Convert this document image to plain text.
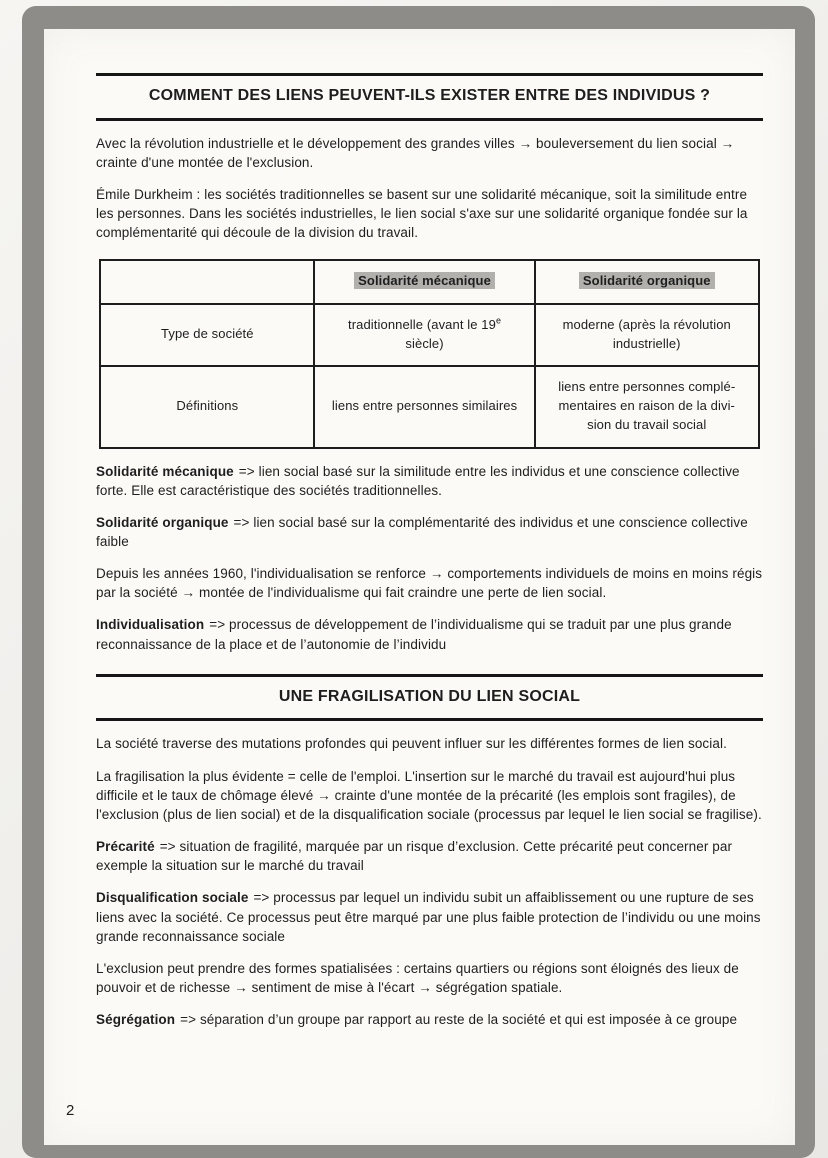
COMMENT DES LIENS PEUVENT-ILS EXISTER ENTRE DES INDIVIDUS ?

Avec la révolution industrielle et le développement des grandes villes → bouleversement du lien social → crainte d'une montée de l'exclusion.

Émile Durkheim : les sociétés traditionnelles se basent sur une solidarité mécanique, soit la similitude entre les personnes. Dans les sociétés industrielles, le lien social s'axe sur une solidarité organique fondée sur la complémentarité qui découle de la division du travail.

	Solidarité mécanique	Solidarité organique
Type de société	traditionnelle (avant le 19e siècle)	moderne (après la révolution industrielle)
Définitions	liens entre personnes similaires	liens entre personnes complé-
mentaires en raison de la divi-
sion du travail social

Solidarité mécanique => lien social basé sur la similitude entre les individus et une conscience collective forte. Elle est caractéristique des sociétés traditionnelles.

Solidarité organique => lien social basé sur la complémentarité des individus et une conscience collective faible

Depuis les années 1960, l'individualisation se renforce → comportements individuels de moins en moins régis par la société → montée de l'individualisme qui fait craindre une perte de lien social.

Individualisation => processus de développement de l’individualisme qui se traduit par une plus grande reconnaissance de la place et de l’autonomie de l’individu

UNE FRAGILISATION DU LIEN SOCIAL

La société traverse des mutations profondes qui peuvent influer sur les différentes formes de lien social.

La fragilisation la plus évidente = celle de l'emploi. L'insertion sur le marché du travail est aujourd'hui plus difficile et le taux de chômage élevé → crainte d'une montée de la précarité (les emplois sont fragiles), de l'exclusion (plus de lien social) et de la disqualification sociale (processus par lequel le lien social se fragilise).

Précarité => situation de fragilité, marquée par un risque d’exclusion. Cette précarité peut concerner par exemple la situation sur le marché du travail

Disqualification sociale => processus par lequel un individu subit un affaiblissement ou une rupture de ses liens avec la société. Ce processus peut être marqué par une plus faible protection de l’individu ou une moins grande reconnaissance sociale

L'exclusion peut prendre des formes spatialisées : certains quartiers ou régions sont éloignés des lieux de pouvoir et de richesse → sentiment de mise à l'écart → ségrégation spatiale.

Ségrégation => séparation d’un groupe par rapport au reste de la société et qui est imposée à ce groupe

2
